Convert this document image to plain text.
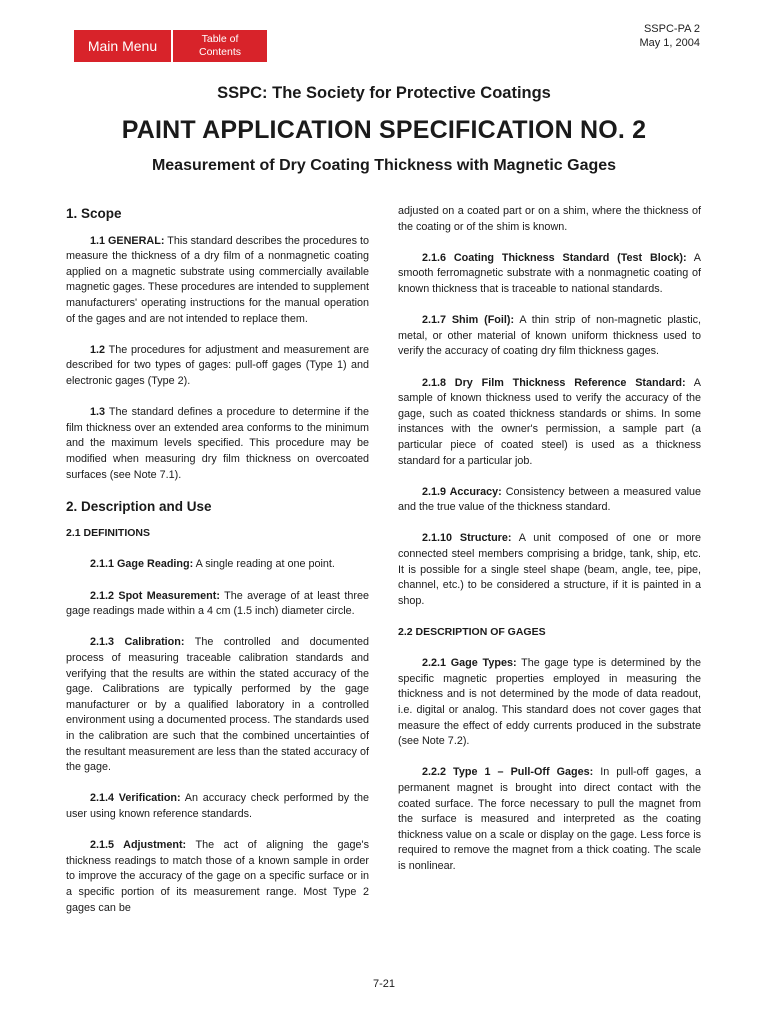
Main Menu	Table of
Contents
SSPC-PA 2
May 1, 2004
SSPC: The Society for Protective Coatings
PAINT APPLICATION SPECIFICATION NO. 2
Measurement of Dry Coating Thickness with Magnetic Gages
1. Scope

1.1 GENERAL: This standard describes the procedures to measure the thickness of a dry film of a nonmagnetic coating applied on a magnetic substrate using commercially available magnetic gages. These procedures are intended to supplement manufacturers' operating instructions for the manual operation of the gages and are not intended to replace them.

1.2 The procedures for adjustment and measurement are described for two types of gages: pull-off gages (Type 1) and electronic gages (Type 2).

1.3 The standard defines a procedure to determine if the film thickness over an extended area conforms to the minimum and the maximum levels specified. This procedure may be modified when measuring dry film thickness on overcoated surfaces (see Note 7.1).

2. Description and Use
2.1 DEFINITIONS

2.1.1 Gage Reading: A single reading at one point.

2.1.2 Spot Measurement: The average of at least three gage readings made within a 4 cm (1.5 inch) diameter circle.

2.1.3 Calibration: The controlled and documented process of measuring traceable calibration standards and verifying that the results are within the stated accuracy of the gage. Calibrations are typically performed by the gage manufacturer or by a qualified laboratory in a controlled environment using a documented process. The standards used in the calibration are such that the combined uncertainties of the resultant measurement are less than the stated accuracy of the gage.

2.1.4 Verification: An accuracy check performed by the user using known reference standards.

2.1.5 Adjustment: The act of aligning the gage's thickness readings to match those of a known sample in order to improve the accuracy of the gage on a specific surface or in a specific portion of its measurement range. Most Type 2 gages can be

adjusted on a coated part or on a shim, where the thickness of the coating or of the shim is known.

2.1.6 Coating Thickness Standard (Test Block): A smooth ferromagnetic substrate with a nonmagnetic coating of known thickness that is traceable to national standards.

2.1.7 Shim (Foil): A thin strip of non-magnetic plastic, metal, or other material of known uniform thickness used to verify the accuracy of coating dry film thickness gages.

2.1.8 Dry Film Thickness Reference Standard: A sample of known thickness used to verify the accuracy of the gage, such as coated thickness standards or shims. In some instances with the owner's permission, a sample part (a particular piece of coated steel) is used as a thickness standard for a particular job.

2.1.9 Accuracy: Consistency between a measured value and the true value of the thickness standard.

2.1.10 Structure: A unit composed of one or more connected steel members comprising a bridge, tank, ship, etc. It is possible for a single steel shape (beam, angle, tee, pipe, channel, etc.) to be considered a structure, if it is painted in a shop.

2.2 DESCRIPTION OF GAGES

2.2.1 Gage Types: The gage type is determined by the specific magnetic properties employed in measuring the thickness and is not determined by the mode of data readout, i.e. digital or analog. This standard does not cover gages that measure the effect of eddy currents produced in the substrate (see Note 7.2).

2.2.2 Type 1 – Pull-Off Gages: In pull-off gages, a permanent magnet is brought into direct contact with the coated surface. The force necessary to pull the magnet from the surface is measured and interpreted as the coating thickness value on a scale or display on the gage. Less force is required to remove the magnet from a thick coating. The scale is nonlinear.

7-21
